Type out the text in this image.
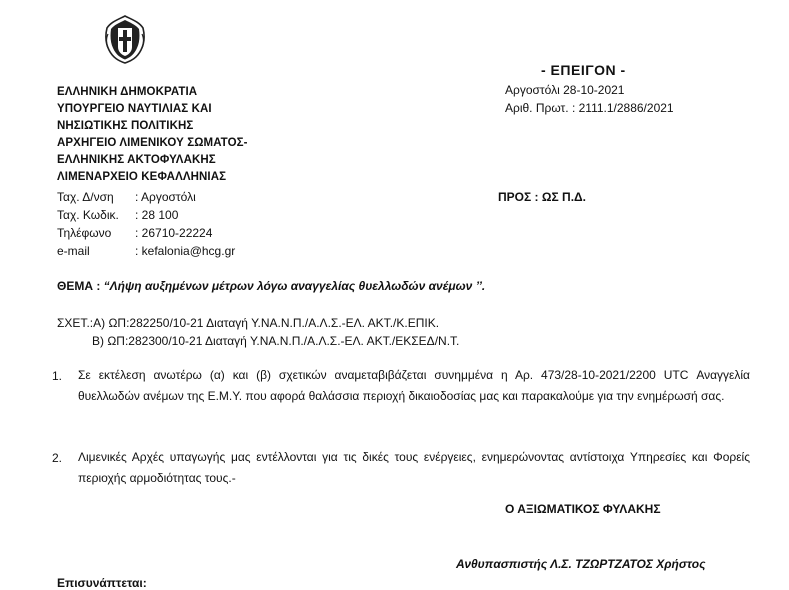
- ΕΠΕΙΓΟΝ -
Αργοστόλι 28-10-2021
Αριθ. Πρωτ. : 2111.1/2886/2021
ΕΛΛΗΝΙΚΗ ΔΗΜΟΚΡΑΤΙΑ
ΥΠΟΥΡΓΕΙΟ ΝΑΥΤΙΛΙΑΣ ΚΑΙ
ΝΗΣΙΩΤΙΚΗΣ ΠΟΛΙΤΙΚΗΣ
ΑΡΧΗΓΕΙΟ ΛΙΜΕΝΙΚΟΥ ΣΩΜΑΤΟΣ-
ΕΛΛΗΝΙΚΗΣ ΑΚΤΟΦΥΛΑΚΗΣ
ΛΙΜΕΝΑΡΧΕΙΟ ΚΕΦΑΛΛΗΝΙΑΣ
Ταχ. Δ/νση : Αργοστόλι
Ταχ. Κωδικ. : 28 100
Τηλέφωνο : 26710-22224
e-mail	: kefalonia@hcg.gr
ΠΡΟΣ : ΩΣ Π.Δ.
ΘΕΜΑ : “Λήψη αυξημένων μέτρων λόγω αναγγελίας θυελλωδών ανέμων ’’.
ΣΧΕΤ.:Α) ΩΠ:282250/10-21 Διαταγή Υ.ΝΑ.Ν.Π./Α.Λ.Σ.-ΕΛ. ΑΚΤ./Κ.ΕΠΙΚ.
Β) ΩΠ:282300/10-21 Διαταγή Υ.ΝΑ.Ν.Π./Α.Λ.Σ.-ΕΛ. ΑΚΤ./ΕΚΣΕΔ/Ν.Τ.
1. Σε εκτέλεση ανωτέρω (α) και (β) σχετικών αναμεταβιβάζεται συνημμένα η Αρ. 473/28-10-2021/2200 UTC Αναγγελία θυελλωδών ανέμων της Ε.Μ.Υ. που αφορά θαλάσσια περιοχή δικαιοδοσίας μας και παρακαλούμε για την ενημέρωσή σας.
2. Λιμενικές Αρχές υπαγωγής μας εντέλλονται για τις δικές τους ενέργειες, ενημερώνοντας αντίστοιχα Υπηρεσίες και Φορείς περιοχής αρμοδιότητας τους.-
Ο ΑΞΙΩΜΑΤΙΚΟΣ ΦΥΛΑΚΗΣ
Ανθυπασπιστής Λ.Σ. ΤΖΩΡΤΖΑΤΟΣ Χρήστος
Επισυνάπτεται:
